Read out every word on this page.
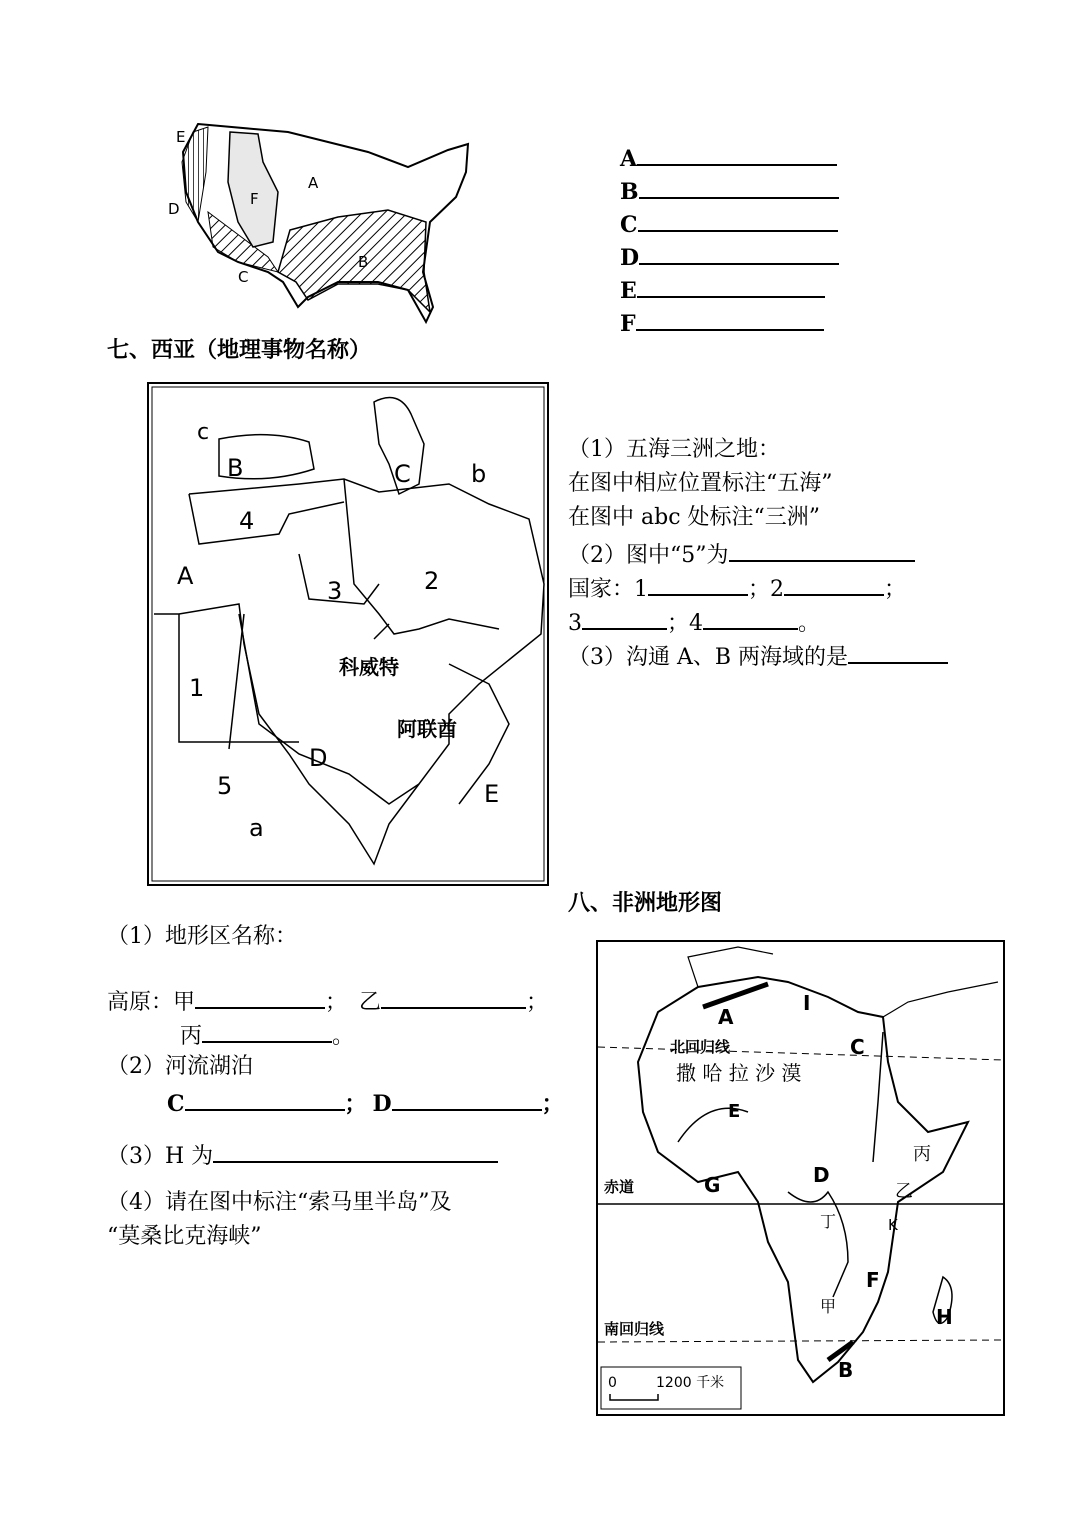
E
D
C
F
A
B
A
B
C
D
E
F
七、西亚（地理事物名称）
c
B	C	b
4
A
3	2
1
科威特
阿联酋
D
5	E
a
（1）五海三洲之地：
在图中相应位置标注“五海”
在图中 abc 处标注“三洲”
（2）图中“5”为
国家：1	；2	；
3	；4	。
（3）沟通 A、B 两海域的是
八、非洲地形图
A
I
北回归线	C
撒 哈 拉 沙 漠
E
丙
赤道	G	D
乙
丁	K
F
甲	H
南回归线
B
0	1200 千米
（1）地形区名称：
高原：甲	； 乙	；
丙	。
（2）河流湖泊
C	； D	；
（3）H 为
（4）请在图中标注“索马里半岛”及
“莫桑比克海峡”
